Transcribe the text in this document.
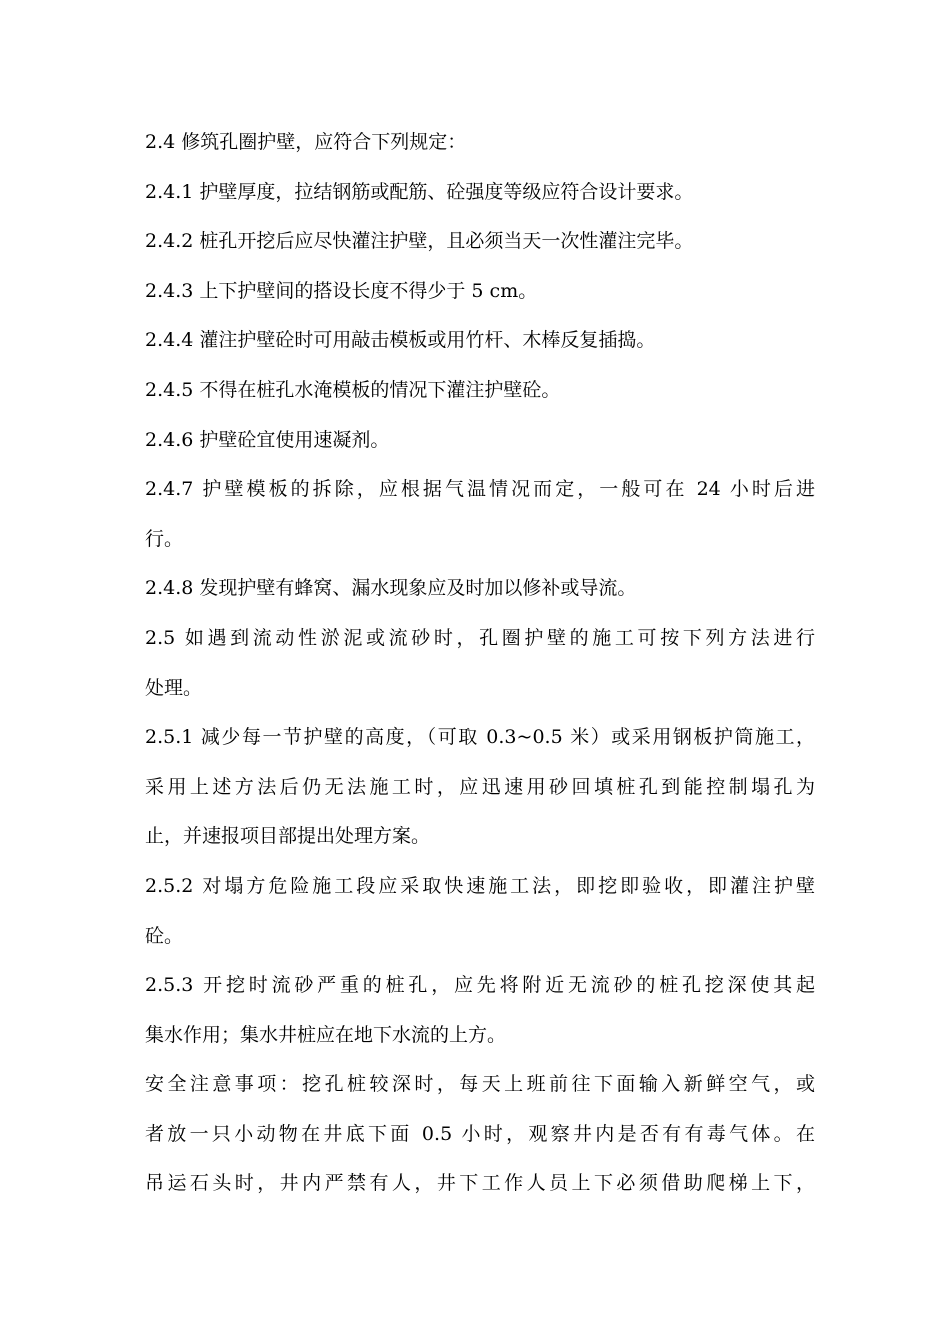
2.4 修筑孔圈护壁，应符合下列规定：
2.4.1 护壁厚度，拉结钢筋或配筋、砼强度等级应符合设计要求。
2.4.2 桩孔开挖后应尽快灌注护壁，且必须当天一次性灌注完毕。
2.4.3 上下护壁间的搭设长度不得少于 5 cm。
2.4.4 灌注护壁砼时可用敲击模板或用竹杆、木棒反复插捣。
2.4.5 不得在桩孔水淹模板的情况下灌注护壁砼。
2.4.6 护壁砼宜使用速凝剂。
2.4.7 护壁模板的拆除，应根据气温情况而定，一般可在 24 小时后进
行。
2.4.8 发现护壁有蜂窝、漏水现象应及时加以修补或导流。
2.5 如遇到流动性淤泥或流砂时，孔圈护壁的施工可按下列方法进行
处理。
2.5.1 减少每一节护壁的高度，（可取 0.3~0.5 米）或采用钢板护筒施工，
采用上述方法后仍无法施工时，应迅速用砂回填桩孔到能控制塌孔为
止，并速报项目部提出处理方案。
2.5.2 对塌方危险施工段应采取快速施工法，即挖即验收，即灌注护壁
砼。
2.5.3 开挖时流砂严重的桩孔，应先将附近无流砂的桩孔挖深使其起
集水作用；集水井桩应在地下水流的上方。
安全注意事项：挖孔桩较深时，每天上班前往下面输入新鲜空气，或
者放一只小动物在井底下面 0.5 小时，观察井内是否有有毒气体。在
吊运石头时，井内严禁有人，井下工作人员上下必须借助爬梯上下，
